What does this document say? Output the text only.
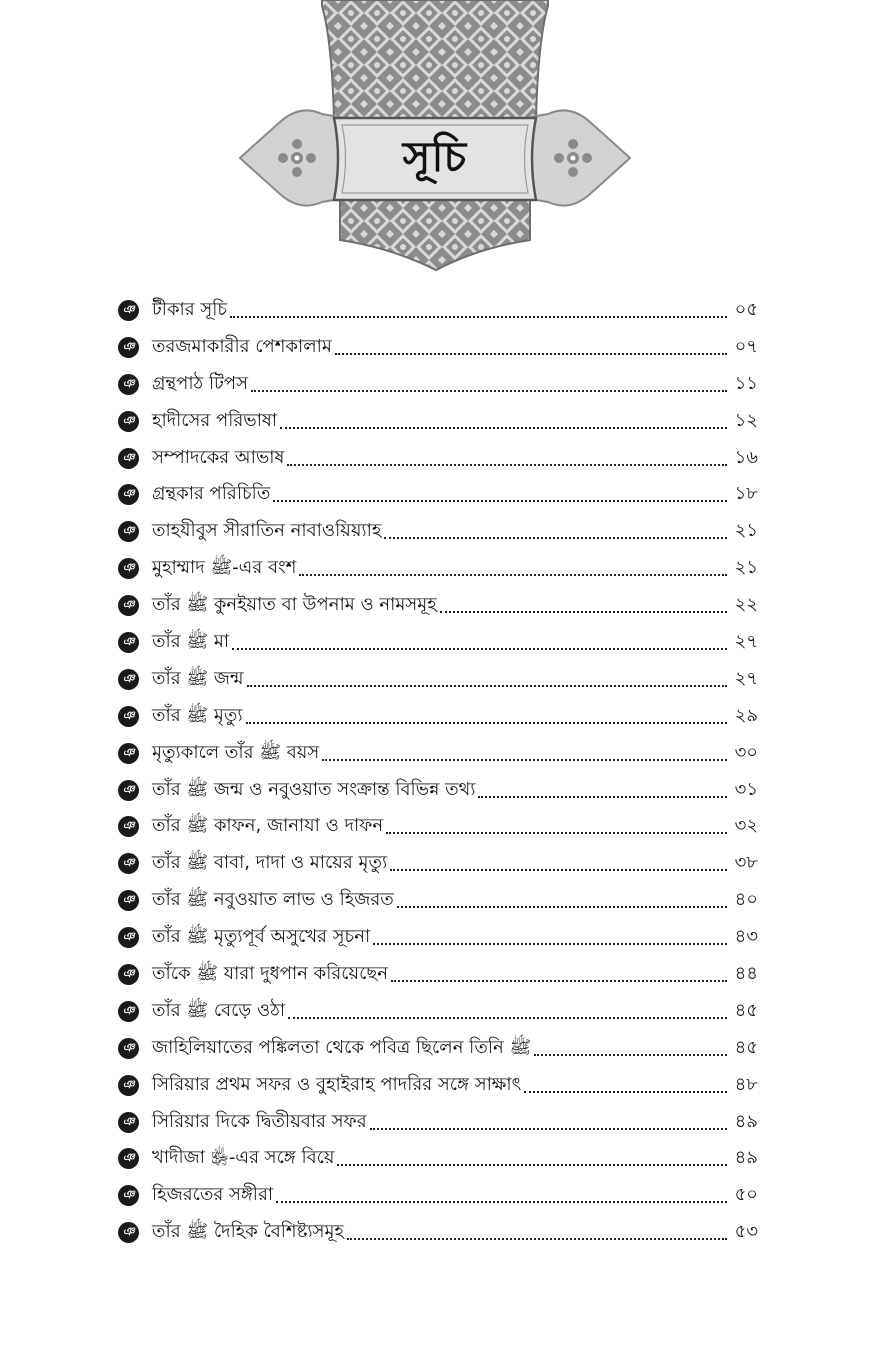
সূচি
ঞ টীকার সূচি	০৫
ঞ তরজমাকারীর পেশকালাম	০৭
ঞ গ্রন্থপাঠ টিপস	১১
ঞ হাদীসের পরিভাষা	১২
ঞ সম্পাদকের আভাষ	১৬
ঞ গ্রন্থকার পরিচিতি	১৮
ঞ তাহযীবুস সীরাতিন নাবাওয়িয়্যাহ	২১
ঞ মুহাম্মাদ ﷺ-এর বংশ	২১
ঞ তাঁর ﷺ কুনইয়াত বা উপনাম ও নামসমূহ	২২
ঞ তাঁর ﷺ মা	২৭
ঞ তাঁর ﷺ জন্ম	২৭
ঞ তাঁর ﷺ মৃত্যু	২৯
ঞ মৃত্যুকালে তাঁর ﷺ বয়স	৩০
ঞ তাঁর ﷺ জন্ম ও নবুওয়াত সংক্রান্ত বিভিন্ন তথ্য	৩১
ঞ তাঁর ﷺ কাফন, জানাযা ও দাফন	৩২
ঞ তাঁর ﷺ বাবা, দাদা ও মায়ের মৃত্যু	৩৮
ঞ তাঁর ﷺ নবুওয়াত লাভ ও হিজরত	৪০
ঞ তাঁর ﷺ মৃত্যুপূর্ব অসুখের সূচনা	৪৩
ঞ তাঁকে ﷺ যারা দুধপান করিয়েছেন	৪৪
ঞ তাঁর ﷺ বেড়ে ওঠা	৪৫
ঞ জাহিলিয়াতের পঙ্কিলতা থেকে পবিত্র ছিলেন তিনি ﷺ	৪৫
ঞ সিরিয়ার প্রথম সফর ও বুহাইরাহ পাদরির সঙ্গে সাক্ষাৎ	৪৮
ঞ সিরিয়ার দিকে দ্বিতীয়বার সফর	৪৯
ঞ খাদীজা ﵂-এর সঙ্গে বিয়ে	৪৯
ঞ হিজরতের সঙ্গীরা	৫০
ঞ তাঁর ﷺ দৈহিক বৈশিষ্ট্যসমূহ	৫৩
